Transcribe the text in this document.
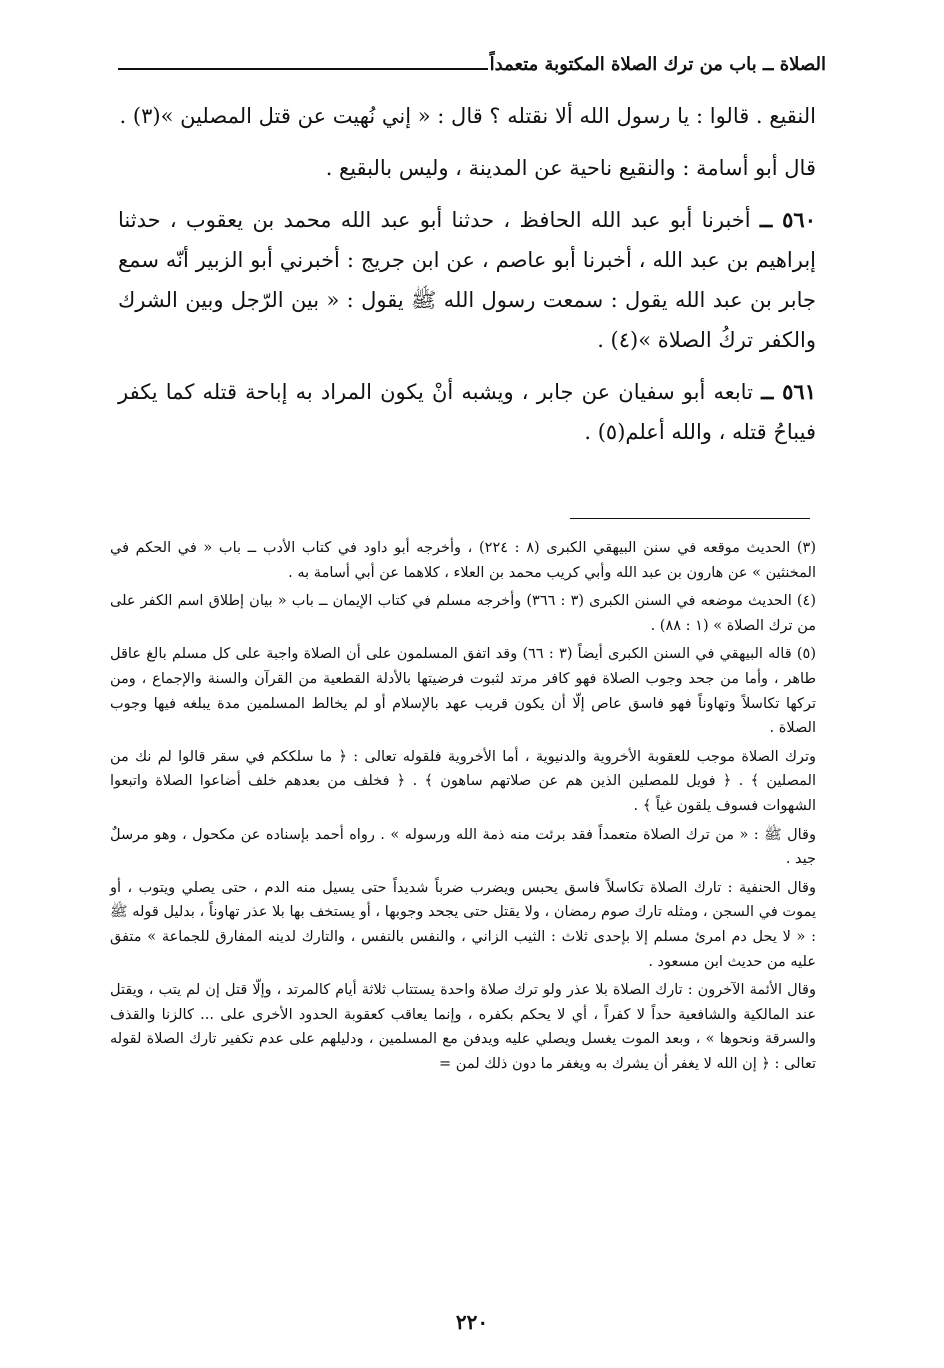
الصلاة ــ باب من ترك الصلاة المكتوبة متعمداً

النقيع . قالوا : يا رسول الله ألا نقتله ؟ قال : « إني نُهيت عن قتل المصلين »(٣) .

قال أبو أسامة : والنقيع ناحية عن المدينة ، وليس بالبقيع .

٥٦٠ ــ أخبرنا أبو عبد الله الحافظ ، حدثنا أبو عبد الله محمد بن يعقوب ، حدثنا إبراهيم بن عبد الله ، أخبرنا أبو عاصم ، عن ابن جريج : أخبرني أبو الزبير أنّه سمع جابر بن عبد الله يقول : سمعت رسول الله ﷺ يقول : « بين الرّجل وبين الشرك والكفر تركُ الصلاة »(٤) .

٥٦١ ــ تابعه أبو سفيان عن جابر ، ويشبه أنْ يكون المراد به إباحة قتله كما يكفر فيباحُ قتله ، والله أعلم(٥) .

(٣) الحديث موقعه في سنن البيهقي الكبرى (٨ : ٢٢٤) ، وأخرجه أبو داود في كتاب الأدب ــ باب « في الحكم في المخنثين » عن هارون بن عبد الله وأبي كريب محمد بن العلاء ، كلاهما عن أبي أسامة به .

(٤) الحديث موضعه في السنن الكبرى (٣ : ٣٦٦) وأخرجه مسلم في كتاب الإيمان ــ باب « بيان إطلاق اسم الكفر على من ترك الصلاة » (١ : ٨٨) .

(٥) قاله البيهقي في السنن الكبرى أيضاً (٣ : ٦٦) وقد اتفق المسلمون على أن الصلاة واجبة على كل مسلم بالغ عاقل طاهر ، وأما من جحد وجوب الصلاة فهو كافر مرتد لثبوت فرضيتها بالأدلة القطعية من القرآن والسنة والإجماع ، ومن تركها تكاسلاً وتهاوناً فهو فاسق عاص إلّا أن يكون قريب عهد بالإسلام أو لم يخالط المسلمين مدة يبلغه فيها وجوب الصلاة .

وترك الصلاة موجب للعقوبة الأخروية والدنيوية ، أما الأخروية فلقوله تعالى : ﴿ ما سلككم في سقر قالوا لم نك من المصلين ﴾ . ﴿ فويل للمصلين الذين هم عن صلاتهم ساهون ﴾ . ﴿ فخلف من بعدهم خلف أضاعوا الصلاة واتبعوا الشهوات فسوف يلقون غياً ﴾ .

وقال ﷺ : « من ترك الصلاة متعمداً فقد برئت منه ذمة الله ورسوله » . رواه أحمد بإسناده عن مكحول ، وهو مرسلٌ جيد .

وقال الحنفية : تارك الصلاة تكاسلاً فاسق يحبس ويضرب ضرباً شديداً حتى يسيل منه الدم ، حتى يصلي ويتوب ، أو يموت في السجن ، ومثله تارك صوم رمضان ، ولا يقتل حتى يجحد وجوبها ، أو يستخف بها بلا عذر تهاوناً ، بدليل قوله ﷺ : « لا يحل دم امرئ مسلم إلا بإحدى ثلاث : الثيب الزاني ، والنفس بالنفس ، والتارك لدينه المفارق للجماعة » متفق عليه من حديث ابن مسعود .

وقال الأئمة الآخرون : تارك الصلاة بلا عذر ولو ترك صلاة واحدة يستتاب ثلاثة أيام كالمرتد ، وإلّا قتل إن لم يتب ، ويقتل عند المالكية والشافعية حداً لا كفراً ، أي لا يحكم بكفره ، وإنما يعاقب كعقوبة الحدود الأخرى على ... كالزنا والقذف والسرقة ونحوها » ، وبعد الموت يغسل ويصلي عليه ويدفن مع المسلمين ، ودليلهم على عدم تكفير تارك الصلاة لقوله تعالى : ﴿ إن الله لا يغفر أن يشرك به ويغفر ما دون ذلك لمن =

٢٢٠
